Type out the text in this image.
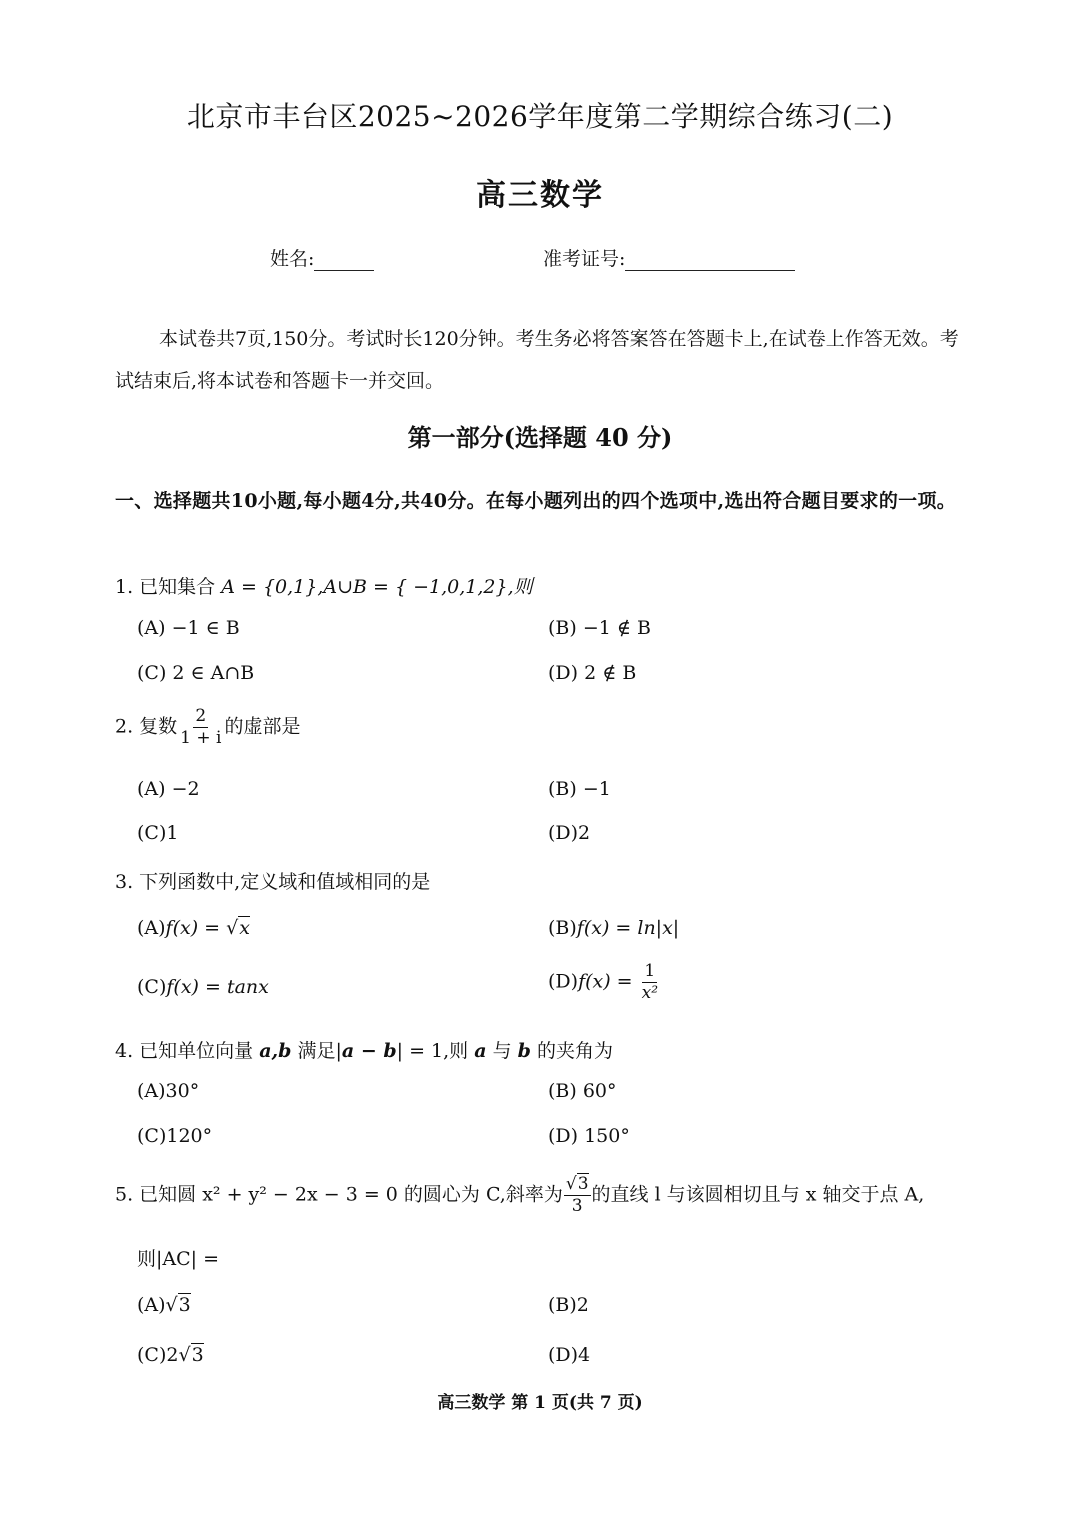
北京市丰台区2025~2026学年度第二学期综合练习(二)
高三数学
姓名:	准考证号:
本试卷共7页,150分。考试时长120分钟。考生务必将答案答在答题卡上,在试卷上作答无效。考试结束后,将本试卷和答题卡一并交回。
第一部分(选择题 40 分)
一、选择题共10小题,每小题4分,共40分。在每小题列出的四个选项中,选出符合题目要求的一项。
1. 已知集合 A = {0,1},A∪B = { −1,0,1,2},则
(A) −1 ∈ B	(B) −1 ∉ B
(C) 2 ∈ A∩B	(D) 2 ∉ B
2. 复数 $\frac{2}{1 + i}$ 的虚部是
(A) −2	(B) −1
(C)1	(D)2
3. 下列函数中,定义域和值域相同的是
(A)f(x) = √x	(B)f(x) = ln|x|
(C)f(x) = tanx	$(D)f(x) = \frac{1}{\text{x²}}$
4. 已知单位向量 a,b 满足|a − b| = 1,则 a 与 b 的夹角为
(A)30°	(B) 60°
(C)120°	(D) 150°
5. 已知圆 x² + y² − 2x − 3 = 0 的圆心为 C,斜率为 $\frac{√3}{3}$ 的直线 l 与该圆相切且与 x 轴交于点 A,
则|AC| =
(A)√3	(B)2
(C)2√3	(D)4
高三数学 第 1 页(共 7 页)
